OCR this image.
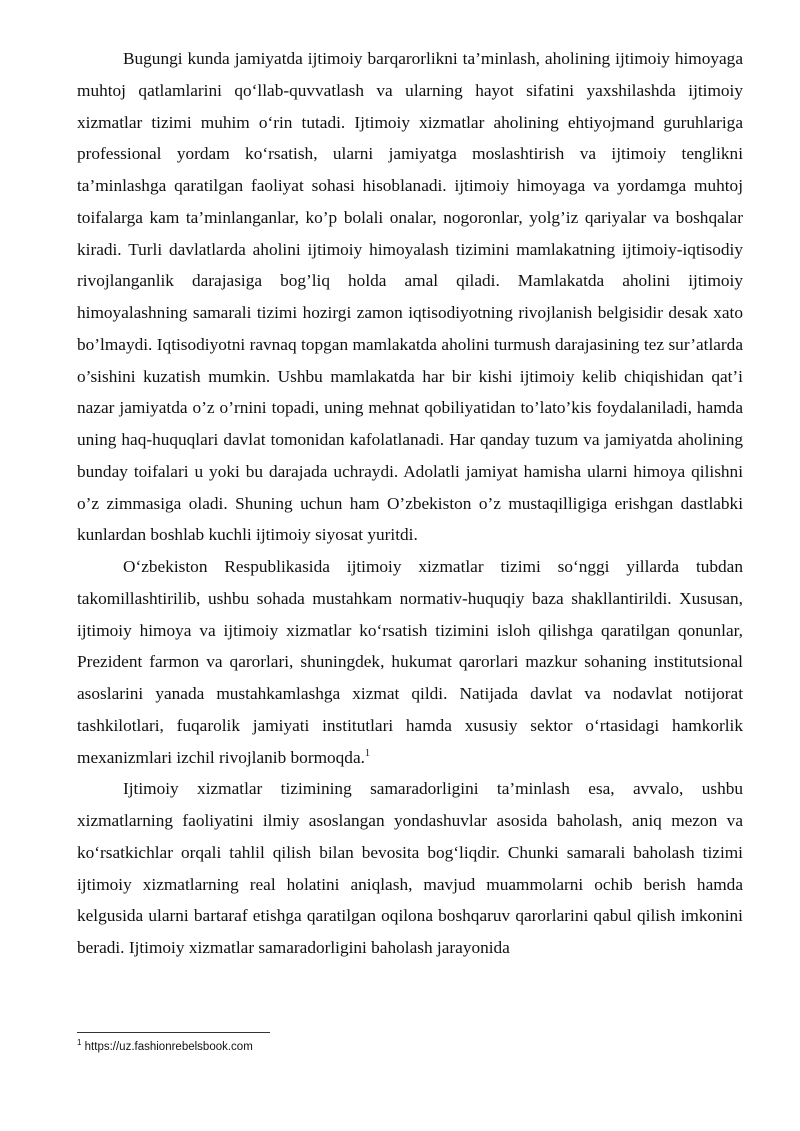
Bugungi kunda jamiyatda ijtimoiy barqarorlikni ta’minlash, aholining ijtimoiy himoyaga muhtoj qatlamlarini qo‘llab-quvvatlash va ularning hayot sifatini yaxshilashda ijtimoiy xizmatlar tizimi muhim o‘rin tutadi. Ijtimoiy xizmatlar aholining ehtiyojmand guruhlariga professional yordam ko‘rsatish, ularni jamiyatga moslashtirish va ijtimoiy tenglikni ta’minlashga qaratilgan faoliyat sohasi hisoblanadi. ijtimoiy himoyaga va yordamga muhtoj toifalarga kam ta’minlanganlar, ko’p bolali onalar, nogoronlar, yolg’iz qariyalar va boshqalar kiradi. Turli davlatlarda aholini ijtimoiy himoyalash tizimini mamlakatning ijtimoiy-iqtisodiy rivojlanganlik darajasiga bog’liq holda amal qiladi. Mamlakatda aholini ijtimoiy himoyalashning samarali tizimi hozirgi zamon iqtisodiyotning rivojlanish belgisidir desak xato bo’lmaydi. Iqtisodiyotni ravnaq topgan mamlakatda aholini turmush darajasining tez sur’atlarda o’sishini kuzatish mumkin. Ushbu mamlakatda har bir kishi ijtimoiy kelib chiqishidan qat’i nazar jamiyatda o’z o’rnini topadi, uning mehnat qobiliyatidan to’lato’kis foydalaniladi, hamda uning haq-huquqlari davlat tomonidan kafolatlanadi. Har qanday tuzum va jamiyatda aholining bunday toifalari u yoki bu darajada uchraydi. Adolatli jamiyat hamisha ularni himoya qilishni o’z zimmasiga oladi. Shuning uchun ham O’zbekiston o’z mustaqilligiga erishgan dastlabki kunlardan boshlab kuchli ijtimoiy siyosat yuritdi.

O‘zbekiston Respublikasida ijtimoiy xizmatlar tizimi so‘nggi yillarda tubdan takomillashtirilib, ushbu sohada mustahkam normativ-huquqiy baza shakllantirildi. Xususan, ijtimoiy himoya va ijtimoiy xizmatlar ko‘rsatish tizimini isloh qilishga qaratilgan qonunlar, Prezident farmon va qarorlari, shuningdek, hukumat qarorlari mazkur sohaning institutsional asoslarini yanada mustahkamlashga xizmat qildi. Natijada davlat va nodavlat notijorat tashkilotlari, fuqarolik jamiyati institutlari hamda xususiy sektor o‘rtasidagi hamkorlik mexanizmlari izchil rivojlanib bormoqda.$^1$

Ijtimoiy xizmatlar tizimining samaradorligini ta’minlash esa, avvalo, ushbu xizmatlarning faoliyatini ilmiy asoslangan yondashuvlar asosida baholash, aniq mezon va ko‘rsatkichlar orqali tahlil qilish bilan bevosita bog‘liqdir. Chunki samarali baholash tizimi ijtimoiy xizmatlarning real holatini aniqlash, mavjud muammolarni ochib berish hamda kelgusida ularni bartaraf etishga qaratilgan oqilona boshqaruv qarorlarini qabul qilish imkonini beradi. Ijtimoiy xizmatlar samaradorligini baholash jarayonida

$^1$ https://uz.fashionrebelsbook.com
